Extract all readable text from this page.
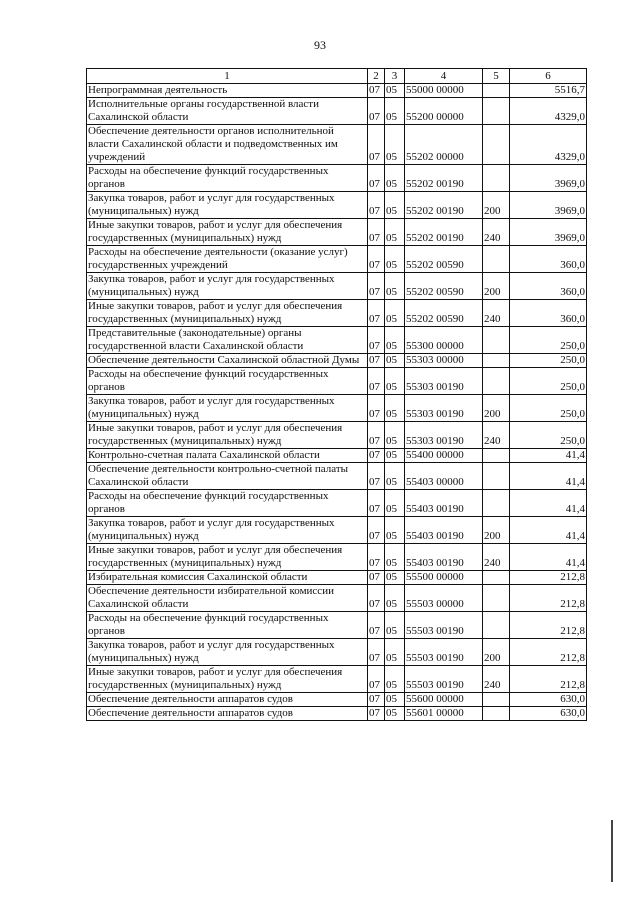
93
1	2	3	4	5	6
Непрограммная деятельность	07	05	55000 00000		5516,7
Исполнительные органы государственной власти Сахалинской области	07	05	55200 00000		4329,0
Обеспечение деятельности органов исполнительной власти Сахалинской области и подведомственных им учреждений	07	05	55202 00000		4329,0
Расходы на обеспечение функций государственных органов	07	05	55202 00190		3969,0
Закупка товаров, работ и услуг для государственных (муниципальных) нужд	07	05	55202 00190	200	3969,0
Иные закупки товаров, работ и услуг для обеспечения государственных (муниципальных) нужд	07	05	55202 00190	240	3969,0
Расходы на обеспечение деятельности (оказание услуг) государственных учреждений	07	05	55202 00590		360,0
Закупка товаров, работ и услуг для государственных (муниципальных) нужд	07	05	55202 00590	200	360,0
Иные закупки товаров, работ и услуг для обеспечения государственных (муниципальных) нужд	07	05	55202 00590	240	360,0
Представительные (законодательные) органы государственной власти Сахалинской области	07	05	55300 00000		250,0
Обеспечение деятельности Сахалинской областной Думы	07	05	55303 00000		250,0
Расходы на обеспечение функций государственных органов	07	05	55303 00190		250,0
Закупка товаров, работ и услуг для государственных (муниципальных) нужд	07	05	55303 00190	200	250,0
Иные закупки товаров, работ и услуг для обеспечения государственных (муниципальных) нужд	07	05	55303 00190	240	250,0
Контрольно-счетная палата Сахалинской области	07	05	55400 00000		41,4
Обеспечение деятельности контрольно-счетной палаты Сахалинской области	07	05	55403 00000		41,4
Расходы на обеспечение функций государственных органов	07	05	55403 00190		41,4
Закупка товаров, работ и услуг для государственных (муниципальных) нужд	07	05	55403 00190	200	41,4
Иные закупки товаров, работ и услуг для обеспечения государственных (муниципальных) нужд	07	05	55403 00190	240	41,4
Избирательная комиссия Сахалинской области	07	05	55500 00000		212,8
Обеспечение деятельности избирательной комиссии Сахалинской области	07	05	55503 00000		212,8
Расходы на обеспечение функций государственных органов	07	05	55503 00190		212,8
Закупка товаров, работ и услуг для государственных (муниципальных) нужд	07	05	55503 00190	200	212,8
Иные закупки товаров, работ и услуг для обеспечения государственных (муниципальных) нужд	07	05	55503 00190	240	212,8
Обеспечение деятельности аппаратов судов	07	05	55600 00000		630,0
Обеспечение деятельности аппаратов судов	07	05	55601 00000		630,0
